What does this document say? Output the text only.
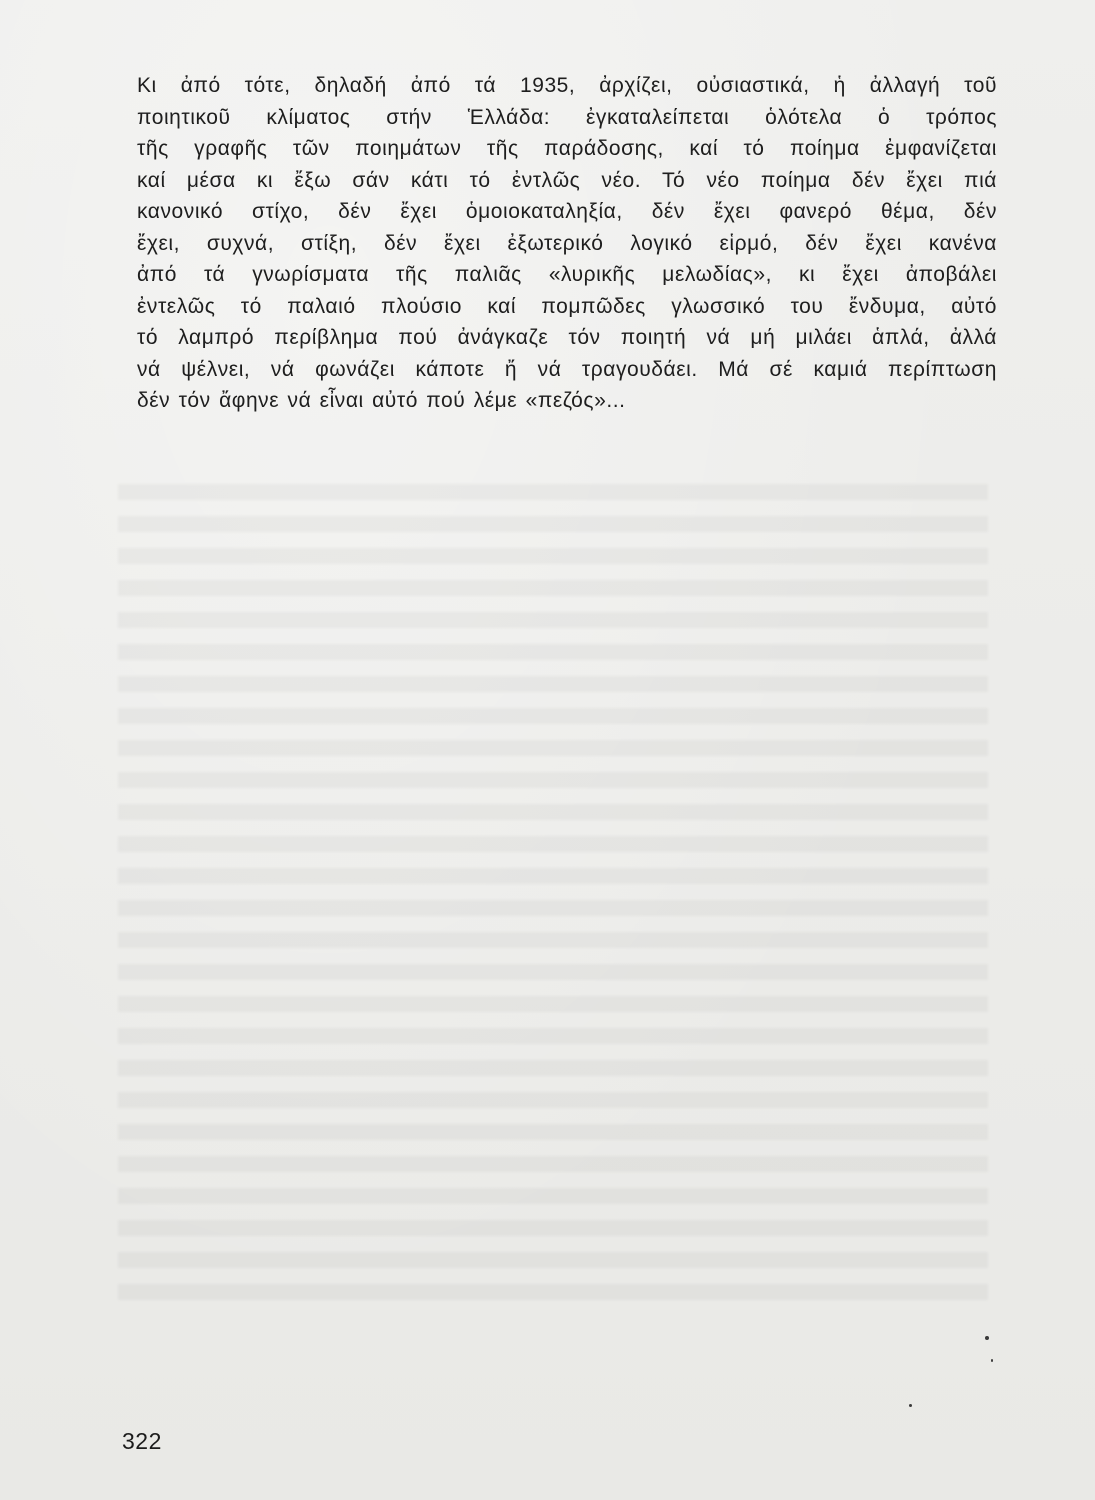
Κι ἀπό τότε, δηλαδή ἀπό τά 1935, ἀρχίζει, οὐσιαστικά, ἡ ἀλλαγή τοῦ
ποιητικοῦ κλίματος στήν Ἑλλάδα: ἐγκαταλείπεται ὁλότελα ὁ τρόπος
τῆς γραφῆς τῶν ποιημάτων τῆς παράδοσης, καί τό ποίημα ἐμφανίζεται
καί μέσα κι ἔξω σάν κάτι τό ἐντλῶς νέο. Τό νέο ποίημα δέν ἔχει πιά
κανονικό στίχο, δέν ἔχει ὁμοιοκαταληξία, δέν ἔχει φανερό θέμα, δέν
ἔχει, συχνά, στίξη, δέν ἔχει ἐξωτερικό λογικό εἱρμό, δέν ἔχει κανένα
ἀπό τά γνωρίσματα τῆς παλιᾶς «λυρικῆς μελωδίας», κι ἔχει ἀποβάλει
ἐντελῶς τό παλαιό πλούσιο καί πομπῶδες γλωσσικό του ἔνδυμα, αὐτό
τό λαμπρό περίβλημα πού ἀνάγκαζε τόν ποιητή νά μή μιλάει ἁπλά, ἀλλά
νά ψέλνει, νά φωνάζει κάποτε ἤ νά τραγουδάει. Μά σέ καμιά περίπτωση
δέν τόν ἄφηνε νά εἶναι αὐτό πού λέμε «πεζός»...
322
